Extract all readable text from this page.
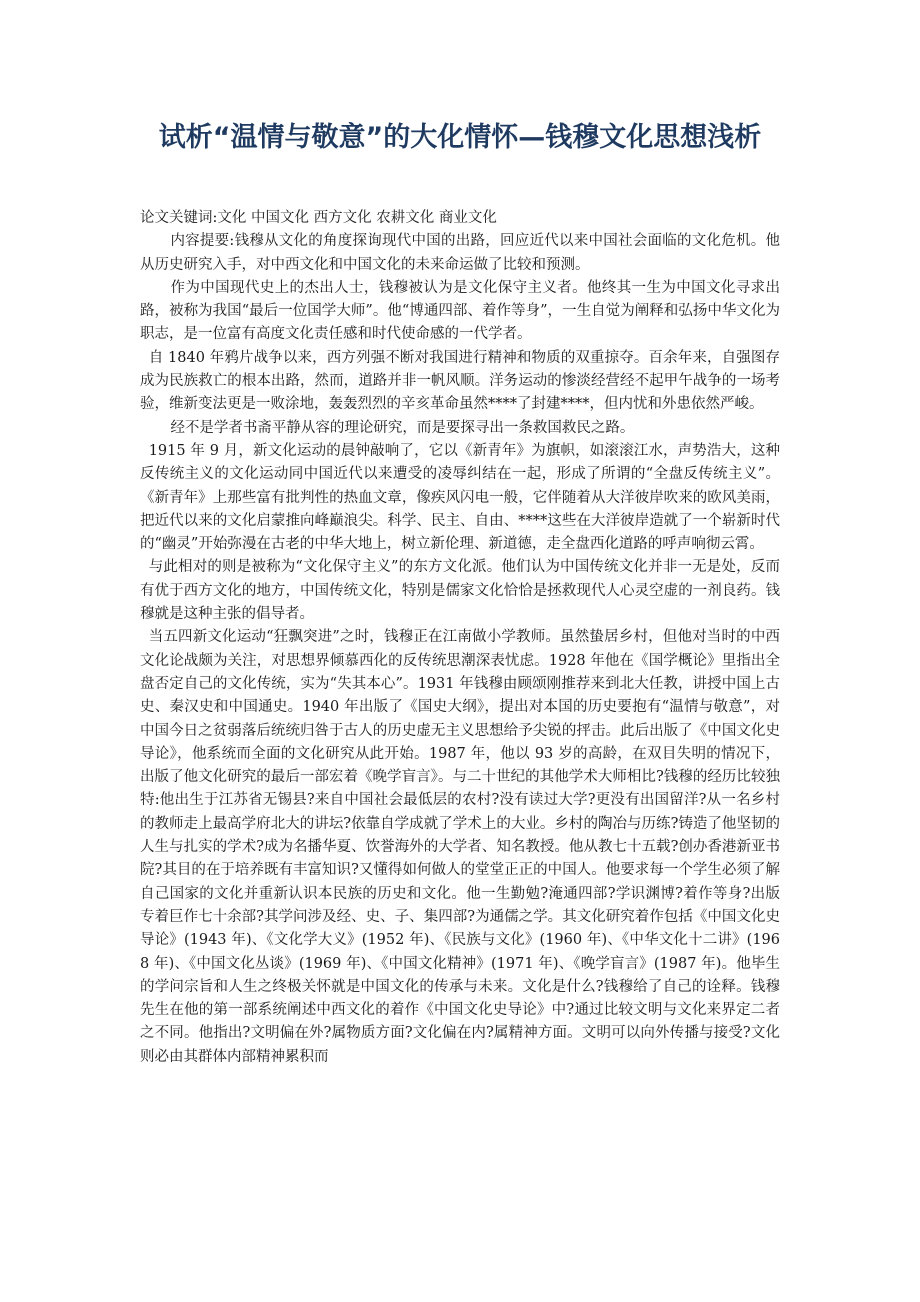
试析“温情与敬意”的大化情怀—钱穆文化思想浅析

论文关键词:文化 中国文化 西方文化 农耕文化 商业文化

内容提要:钱穆从文化的角度探询现代中国的出路，回应近代以来中国社会面临的文化危机。他从历史研究入手，对中西文化和中国文化的未来命运做了比较和预测。

作为中国现代史上的杰出人士，钱穆被认为是文化保守主义者。他终其一生为中国文化寻求出路，被称为我国“最后一位国学大师”。他“博通四部、着作等身”，一生自觉为阐释和弘扬中华文化为职志，是一位富有高度文化责任感和时代使命感的一代学者。

自 1840 年鸦片战争以来，西方列强不断对我国进行精神和物质的双重掠夺。百余年来，自强图存成为民族救亡的根本出路，然而，道路并非一帆风顺。洋务运动的惨淡经营经不起甲午战争的一场考验，维新变法更是一败涂地，轰轰烈烈的辛亥革命虽然****了封建****，但内忧和外患依然严峻。

经不是学者书斋平静从容的理论研究，而是要探寻出一条救国救民之路。

1915 年 9 月，新文化运动的晨钟敲响了，它以《新青年》为旗帜，如滚滚江水，声势浩大，这种反传统主义的文化运动同中国近代以来遭受的凌辱纠结在一起，形成了所谓的“全盘反传统主义”。《新青年》上那些富有批判性的热血文章，像疾风闪电一般，它伴随着从大洋彼岸吹来的欧风美雨，把近代以来的文化启蒙推向峰巅浪尖。科学、民主、自由、****这些在大洋彼岸造就了一个崭新时代的“幽灵”开始弥漫在古老的中华大地上，树立新伦理、新道德，走全盘西化道路的呼声响彻云霄。

与此相对的则是被称为“文化保守主义”的东方文化派。他们认为中国传统文化并非一无是处，反而有优于西方文化的地方，中国传统文化，特别是儒家文化恰恰是拯救现代人心灵空虚的一剂良药。钱穆就是这种主张的倡导者。

当五四新文化运动“狂飘突进”之时，钱穆正在江南做小学教师。虽然蛰居乡村，但他对当时的中西文化论战颇为关注，对思想界倾慕西化的反传统思潮深表忧虑。1928 年他在《国学概论》里指出全盘否定自己的文化传统，实为“失其本心”。1931 年钱穆由顾颂刚推荐来到北大任教，讲授中国上古史、秦汉史和中国通史。1940 年出版了《国史大纲》，提出对本国的历史要抱有“温情与敬意”，对中国今日之贫弱落后统统归咎于古人的历史虚无主义思想给予尖锐的抨击。此后出版了《中国文化史导论》，他系统而全面的文化研究从此开始。1987 年，他以 93 岁的高龄，在双目失明的情况下，出版了他文化研究的最后一部宏着《晚学盲言》。与二十世纪的其他学术大师相比?钱穆的经历比较独特:他出生于江苏省无锡县?来自中国社会最低层的农村?没有读过大学?更没有出国留洋?从一名乡村的教师走上最高学府北大的讲坛?依靠自学成就了学术上的大业。乡村的陶冶与历练?铸造了他坚韧的人生与扎实的学术?成为名播华夏、饮誉海外的大学者、知名教授。他从教七十五载?创办香港新亚书院?其目的在于培养既有丰富知识?又懂得如何做人的堂堂正正的中国人。他要求每一个学生必须了解自己国家的文化并重新认识本民族的历史和文化。他一生勤勉?淹通四部?学识渊博?着作等身?出版专着巨作七十余部?其学问涉及经、史、子、集四部?为通儒之学。其文化研究着作包括《中国文化史导论》(1943 年)、《文化学大义》(1952 年)、《民族与文化》(1960 年)、《中华文化十二讲》(1968 年)、《中国文化丛谈》(1969 年)、《中国文化精神》(1971 年)、《晚学盲言》(1987 年)。他毕生的学问宗旨和人生之终极关怀就是中国文化的传承与未来。文化是什么?钱穆给了自己的诠释。钱穆先生在他的第一部系统阐述中西文化的着作《中国文化史导论》中?通过比较文明与文化来界定二者之不同。他指出?文明偏在外?属物质方面?文化偏在内?属精神方面。文明可以向外传播与接受?文化则必由其群体内部精神累积而
